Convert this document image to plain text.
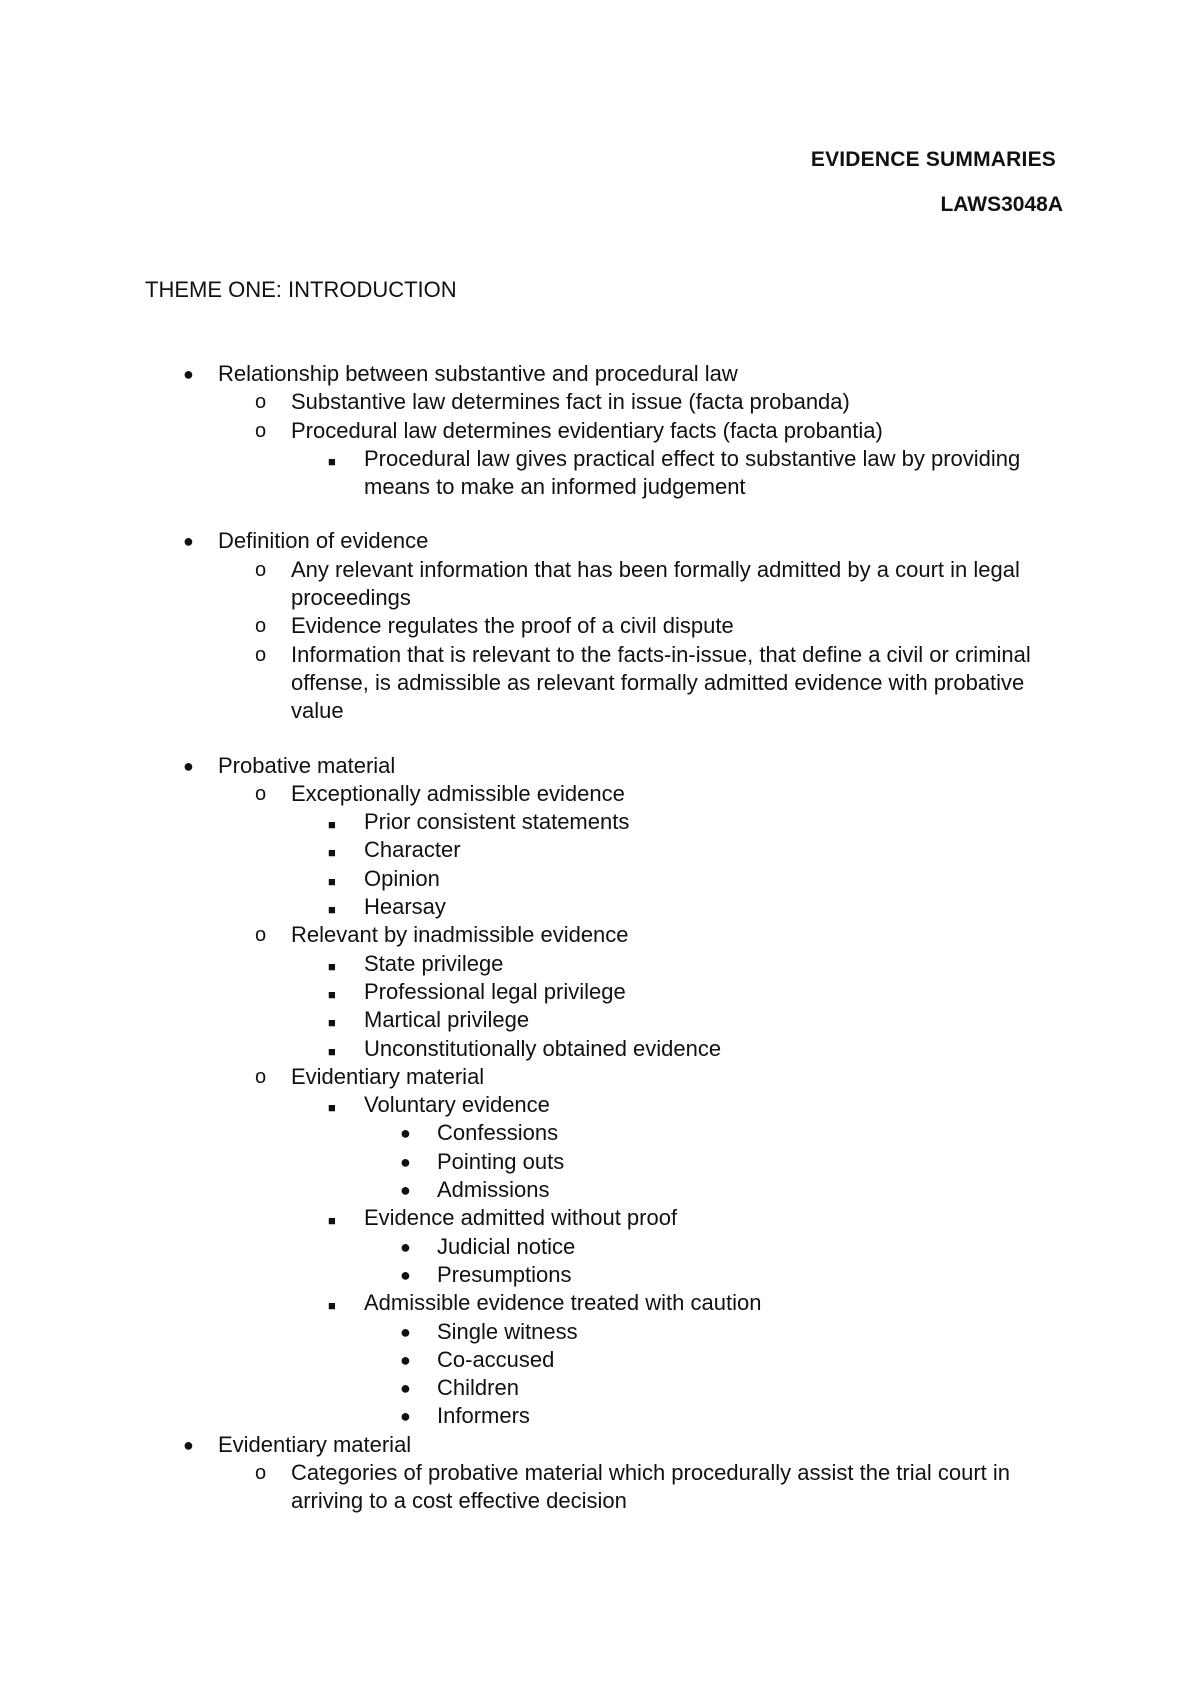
EVIDENCE SUMMARIES
LAWS3048A
THEME ONE: INTRODUCTION
● Relationship between substantive and procedural law
o Substantive law determines fact in issue (facta probanda)
o Procedural law determines evidentiary facts (facta probantia)
■ Procedural law gives practical effect to substantive law by providing means to make an informed judgement
● Definition of evidence
o Any relevant information that has been formally admitted by a court in legal proceedings
o Evidence regulates the proof of a civil dispute
o Information that is relevant to the facts-in-issue, that define a civil or criminal offense, is admissible as relevant formally admitted evidence with probative value
● Probative material
o Exceptionally admissible evidence
■ Prior consistent statements
■ Character
■ Opinion
■ Hearsay
o Relevant by inadmissible evidence
■ State privilege
■ Professional legal privilege
■ Martical privilege
■ Unconstitutionally obtained evidence
o Evidentiary material
■ Voluntary evidence
● Confessions
● Pointing outs
● Admissions
■ Evidence admitted without proof
● Judicial notice
● Presumptions
■ Admissible evidence treated with caution
● Single witness
● Co-accused
● Children
● Informers
● Evidentiary material
o Categories of probative material which procedurally assist the trial court in arriving to a cost effective decision
